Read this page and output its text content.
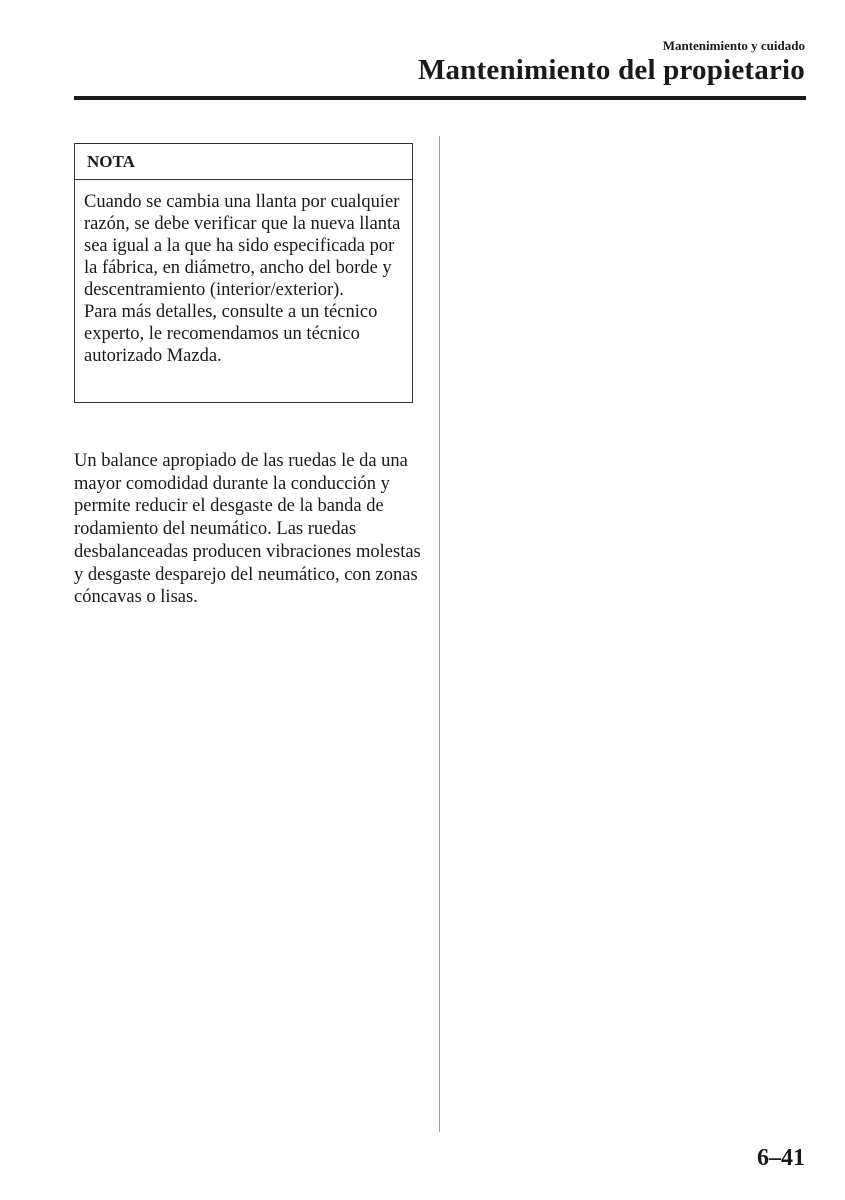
Mantenimiento y cuidado
Mantenimiento del propietario
NOTA

Cuando se cambia una llanta por cualquier razón, se debe verificar que la nueva llanta sea igual a la que ha sido especificada por la fábrica, en diámetro, ancho del borde y descentramiento (interior/exterior).

Para más detalles, consulte a un técnico experto, le recomendamos un técnico autorizado Mazda.

Un balance apropiado de las ruedas le da una mayor comodidad durante la conducción y permite reducir el desgaste de la banda de rodamiento del neumático. Las ruedas desbalanceadas producen vibraciones molestas y desgaste desparejo del neumático, con zonas cóncavas o lisas.

6–41
